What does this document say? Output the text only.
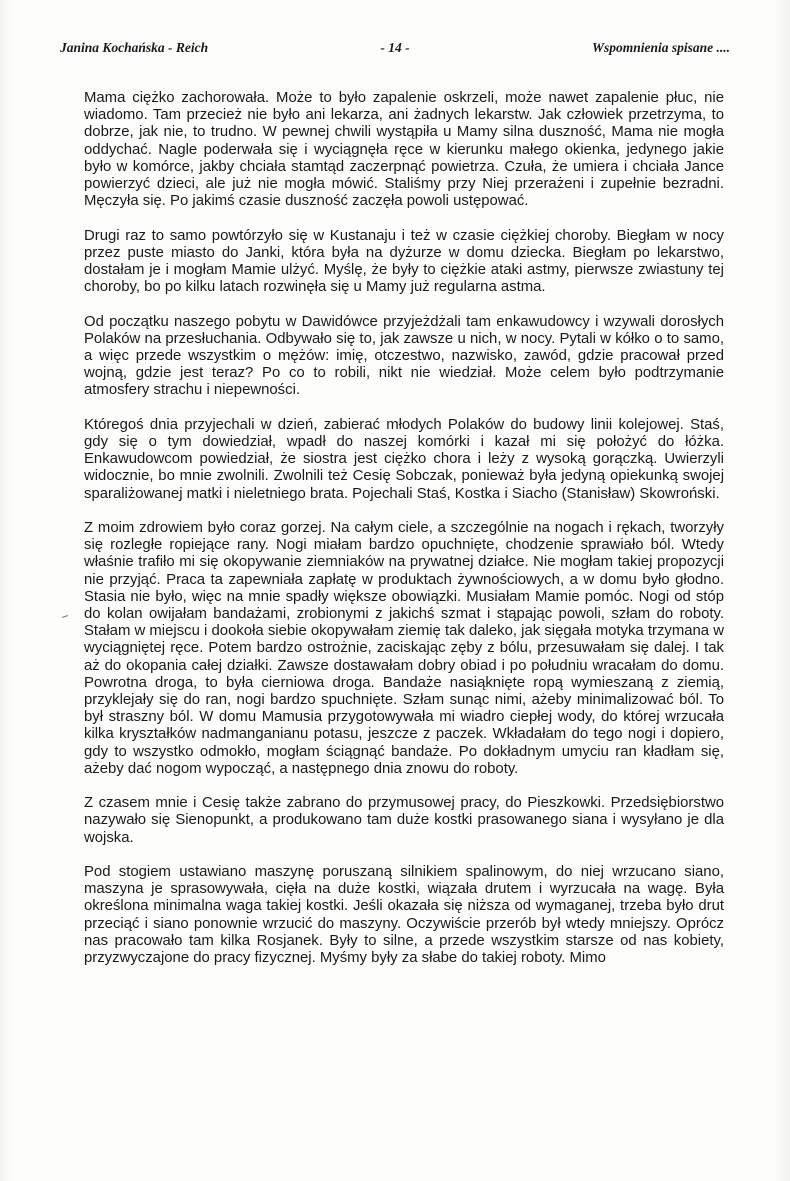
Janina Kochańska - Reich	- 14 -	Wspomnienia spisane ....

Mama ciężko zachorowała. Może to było zapalenie oskrzeli, może nawet zapalenie płuc, nie wiadomo. Tam przecież nie było ani lekarza, ani żadnych lekarstw. Jak człowiek przetrzyma, to dobrze, jak nie, to trudno. W pewnej chwili wystąpiła u Mamy silna duszność, Mama nie mogła oddychać. Nagle poderwała się i wyciągnęła ręce w kierunku małego okienka, jedynego jakie było w komórce, jakby chciała stamtąd zaczerpnąć powietrza. Czuła, że umiera i chciała Jance powierzyć dzieci, ale już nie mogła mówić. Staliśmy przy Niej przerażeni i zupełnie bezradni. Męczyła się. Po jakimś czasie duszność zaczęła powoli ustępować.

Drugi raz to samo powtórzyło się w Kustanaju i też w czasie ciężkiej choroby. Biegłam w nocy przez puste miasto do Janki, która była na dyżurze w domu dziecka. Biegłam po lekarstwo, dostałam je i mogłam Mamie ulżyć. Myślę, że były to ciężkie ataki astmy, pierwsze zwiastuny tej choroby, bo po kilku latach rozwinęła się u Mamy już regularna astma.

Od początku naszego pobytu w Dawidówce przyjeżdżali tam enkawudowcy i wzywali dorosłych Polaków na przesłuchania. Odbywało się to, jak zawsze u nich, w nocy. Pytali w kółko o to samo, a więc przede wszystkim o mężów: imię, otczestwo, nazwisko, zawód, gdzie pracował przed wojną, gdzie jest teraz? Po co to robili, nikt nie wiedział. Może celem było podtrzymanie atmosfery strachu i niepewności.

Któregoś dnia przyjechali w dzień, zabierać młodych Polaków do budowy linii kolejowej. Staś, gdy się o tym dowiedział, wpadł do naszej komórki i kazał mi się położyć do łóżka. Enkawudowcom powiedział, że siostra jest ciężko chora i leży z wysoką gorączką. Uwierzyli widocznie, bo mnie zwolnili. Zwolnili też Cesię Sobczak, ponieważ była jedyną opiekunką swojej sparaliżowanej matki i nieletniego brata. Pojechali Staś, Kostka i Siacho (Stanisław) Skowroński.

Z moim zdrowiem było coraz gorzej. Na całym ciele, a szczególnie na nogach i rękach, tworzyły się rozległe ropiejące rany. Nogi miałam bardzo opuchnięte, chodzenie sprawiało ból. Wtedy właśnie trafiło mi się okopywanie ziemniaków na prywatnej działce. Nie mogłam takiej propozycji nie przyjąć. Praca ta zapewniała zapłatę w produktach żywnościowych, a w domu było głodno. Stasia nie było, więc na mnie spadły większe obowiązki. Musiałam Mamie pomóc. Nogi od stóp do kolan owijałam bandażami, zrobionymi z jakichś szmat i stąpając powoli, szłam do roboty. Stałam w miejscu i dookoła siebie okopywałam ziemię tak daleko, jak sięgała motyka trzymana w wyciągniętej ręce. Potem bardzo ostrożnie, zaciskając zęby z bólu, przesuwałam się dalej. I tak aż do okopania całej działki. Zawsze dostawałam dobry obiad i po południu wracałam do domu. Powrotna droga, to była cierniowa droga. Bandaże nasiąknięte ropą wymieszaną z ziemią, przyklejały się do ran, nogi bardzo spuchnięte. Szłam sunąc nimi, ażeby minimalizować ból. To był straszny ból. W domu Mamusia przygotowywała mi wiadro ciepłej wody, do której wrzucała kilka kryształków nadmanganianu potasu, jeszcze z paczek. Wkładałam do tego nogi i dopiero, gdy to wszystko odmokło, mogłam ściągnąć bandaże. Po dokładnym umyciu ran kładłam się, ażeby dać nogom wypocząć, a następnego dnia znowu do roboty.

Z czasem mnie i Cesię także zabrano do przymusowej pracy, do Pieszkowki. Przedsiębiorstwo nazywało się Sienopunkt, a produkowano tam duże kostki prasowanego siana i wysyłano je dla wojska.

Pod stogiem ustawiano maszynę poruszaną silnikiem spalinowym, do niej wrzucano siano, maszyna je sprasowywała, cięła na duże kostki, wiązała drutem i wyrzucała na wagę. Była określona minimalna waga takiej kostki. Jeśli okazała się niższa od wymaganej, trzeba było drut przeciąć i siano ponownie wrzucić do maszyny. Oczywiście przerób był wtedy mniejszy. Oprócz nas pracowało tam kilka Rosjanek. Były to silne, a przede wszystkim starsze od nas kobiety, przyzwyczajone do pracy fizycznej. Myśmy były za słabe do takiej roboty. Mimo
